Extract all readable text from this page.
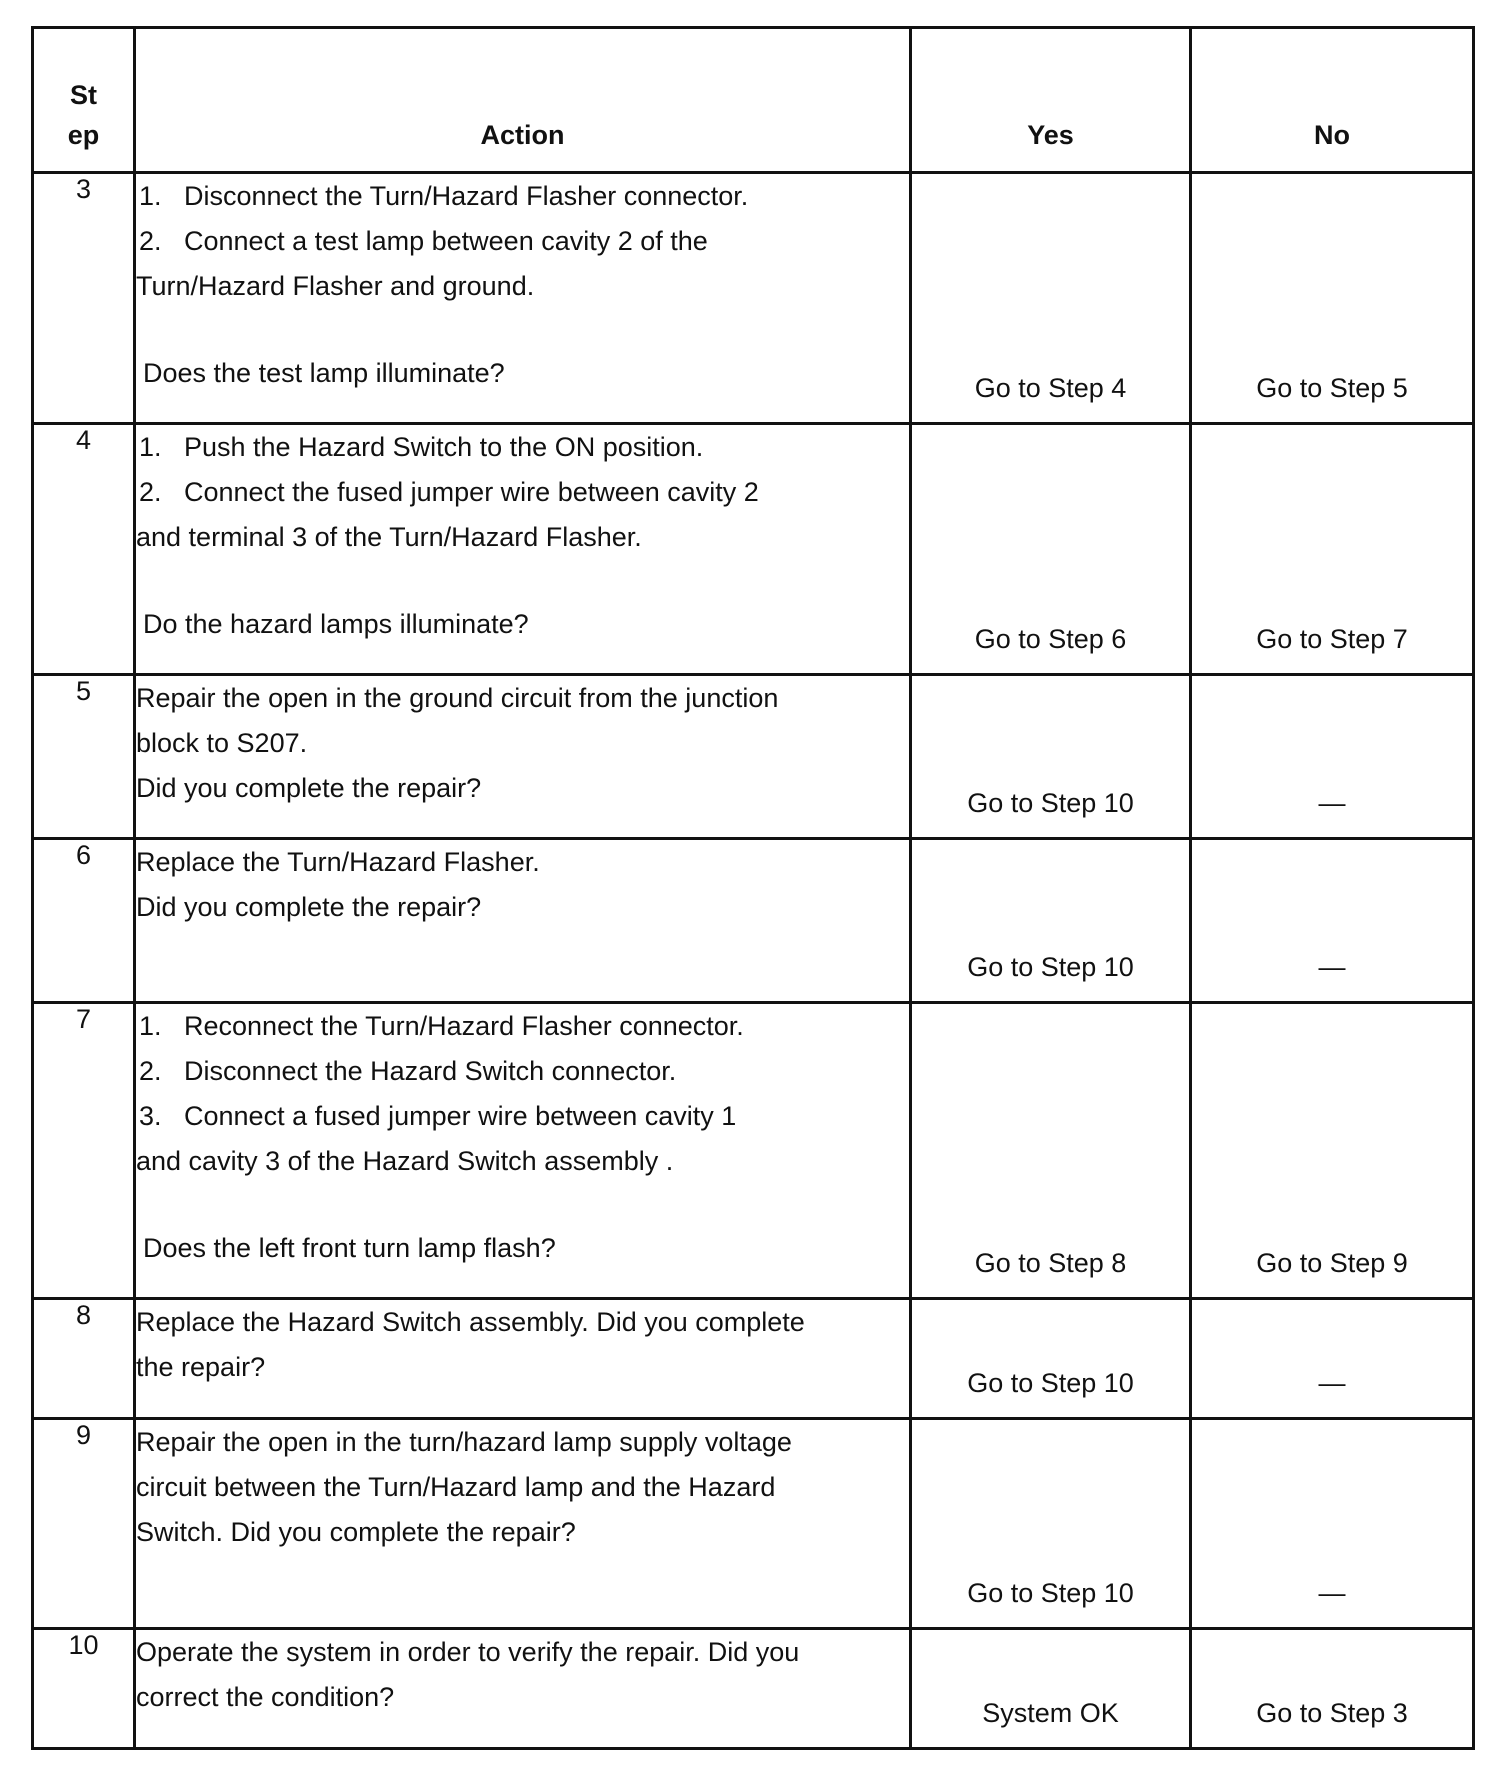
St
ep	Action	Yes	No
3	1. Disconnect the Turn/Hazard Flasher connector.
2. Connect a test lamp between cavity 2 of the
Turn/Hazard Flasher and ground.
Does the test lamp illuminate?	Go to Step 4	Go to Step 5

4	1. Push the Hazard Switch to the ON position.
2. Connect the fused jumper wire between cavity 2
and terminal 3 of the Turn/Hazard Flasher.
Do the hazard lamps illuminate?	Go to Step 6	Go to Step 7

5	Repair the open in the ground circuit from the junction
block to S207.
Did you complete the repair?	Go to Step 10	—

6	Replace the Turn/Hazard Flasher.
Did you complete the repair?	Go to Step 10	—

7	1. Reconnect the Turn/Hazard Flasher connector.
2. Disconnect the Hazard Switch connector.
3. Connect a fused jumper wire between cavity 1
and cavity 3 of the Hazard Switch assembly .
Does the left front turn lamp flash?	Go to Step 8	Go to Step 9

8	Replace the Hazard Switch assembly. Did you complete
the repair?	Go to Step 10	—

9	Repair the open in the turn/hazard lamp supply voltage
circuit between the Turn/Hazard lamp and the Hazard
Switch. Did you complete the repair?	Go to Step 10	—

10	Operate the system in order to verify the repair. Did you
correct the condition?	System OK	Go to Step 3
